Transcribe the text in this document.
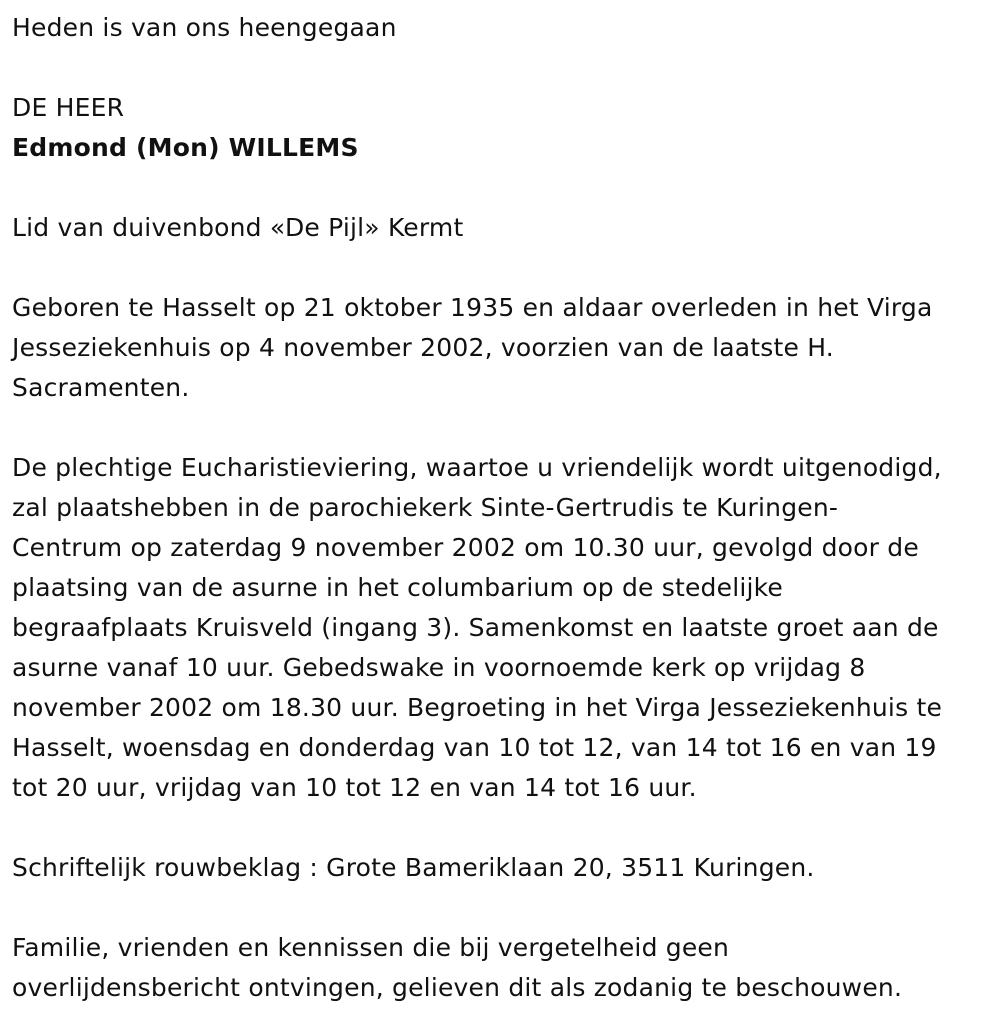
Heden is van ons heengegaan
DE HEER
Edmond (Mon) WILLEMS
Lid van duivenbond «De Pijl» Kermt
Geboren te Hasselt op 21 oktober 1935 en aldaar overleden in het Virga
Jesseziekenhuis op 4 november 2002, voorzien van de laatste H.
Sacramenten.
De plechtige Eucharistieviering, waartoe u vriendelijk wordt uitgenodigd,
zal plaatshebben in de parochiekerk Sinte-Gertrudis te Kuringen-
Centrum op zaterdag 9 november 2002 om 10.30 uur, gevolgd door de
plaatsing van de asurne in het columbarium op de stedelijke
begraafplaats Kruisveld (ingang 3). Samenkomst en laatste groet aan de
asurne vanaf 10 uur. Gebedswake in voornoemde kerk op vrijdag 8
november 2002 om 18.30 uur. Begroeting in het Virga Jesseziekenhuis te
Hasselt, woensdag en donderdag van 10 tot 12, van 14 tot 16 en van 19
tot 20 uur, vrijdag van 10 tot 12 en van 14 tot 16 uur.
Schriftelijk rouwbeklag : Grote Bameriklaan 20, 3511 Kuringen.
Familie, vrienden en kennissen die bij vergetelheid geen
overlijdensbericht ontvingen, gelieven dit als zodanig te beschouwen.
